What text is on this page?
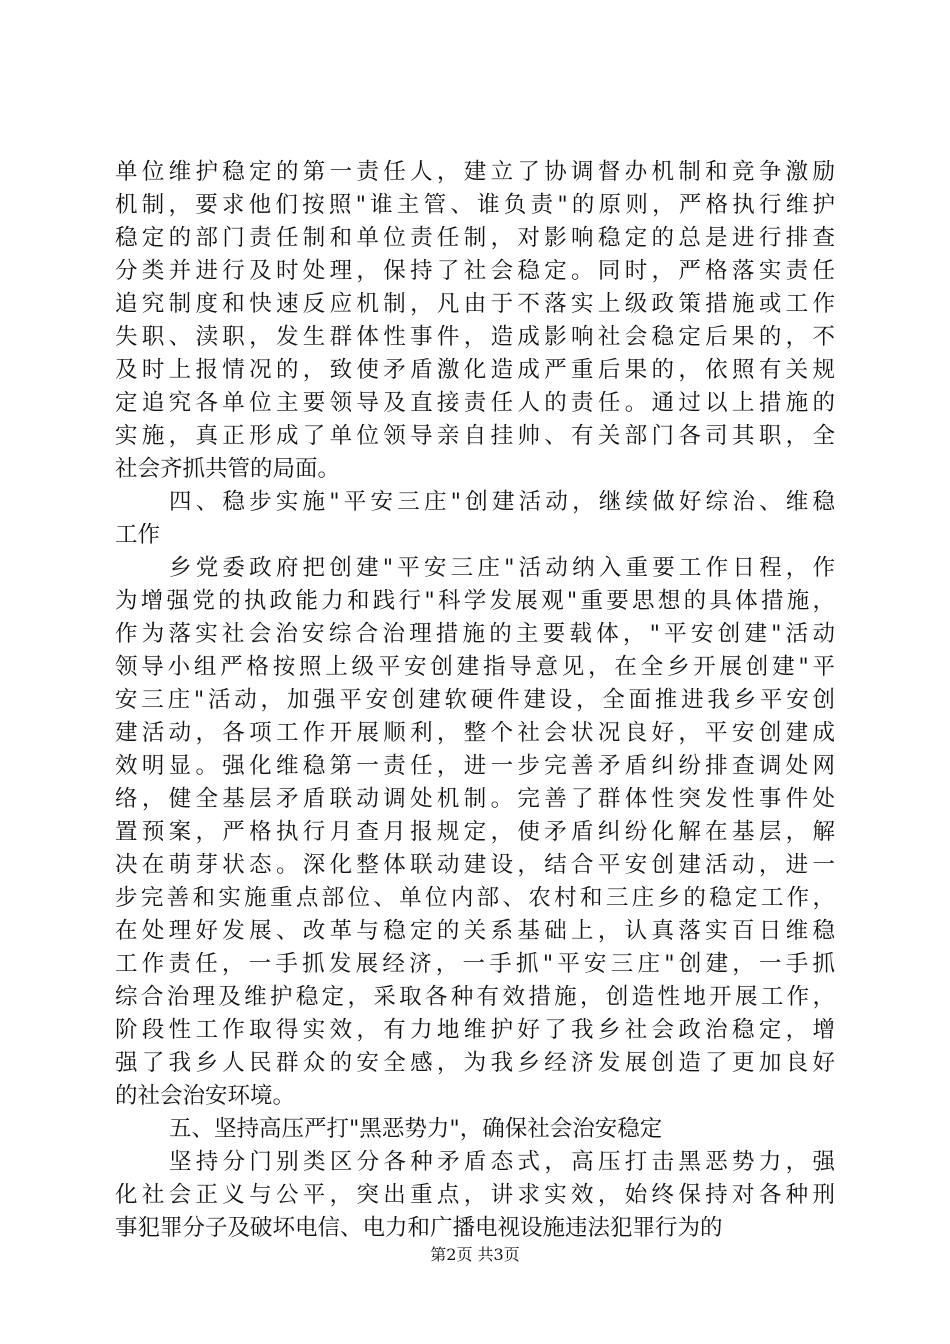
单位维护稳定的第一责任人，建立了协调督办机制和竞争激励
机制，要求他们按照"谁主管、谁负责"的原则，严格执行维护
稳定的部门责任制和单位责任制，对影响稳定的总是进行排查
分类并进行及时处理，保持了社会稳定。同时，严格落实责任
追究制度和快速反应机制，凡由于不落实上级政策措施或工作
失职、渎职，发生群体性事件，造成影响社会稳定后果的，不
及时上报情况的，致使矛盾激化造成严重后果的，依照有关规
定追究各单位主要领导及直接责任人的责任。通过以上措施的
实施，真正形成了单位领导亲自挂帅、有关部门各司其职，全
社会齐抓共管的局面。
四、稳步实施"平安三庄"创建活动，继续做好综治、维稳
工作
乡党委政府把创建"平安三庄"活动纳入重要工作日程，作
为增强党的执政能力和践行"科学发展观"重要思想的具体措施，
作为落实社会治安综合治理措施的主要载体，"平安创建"活动
领导小组严格按照上级平安创建指导意见，在全乡开展创建"平
安三庄"活动，加强平安创建软硬件建设，全面推进我乡平安创
建活动，各项工作开展顺利，整个社会状况良好，平安创建成
效明显。强化维稳第一责任，进一步完善矛盾纠纷排查调处网
络，健全基层矛盾联动调处机制。完善了群体性突发性事件处
置预案，严格执行月查月报规定，使矛盾纠纷化解在基层，解
决在萌芽状态。深化整体联动建设，结合平安创建活动，进一
步完善和实施重点部位、单位内部、农村和三庄乡的稳定工作，
在处理好发展、改革与稳定的关系基础上，认真落实百日维稳
工作责任，一手抓发展经济，一手抓"平安三庄"创建，一手抓
综合治理及维护稳定，采取各种有效措施，创造性地开展工作，
阶段性工作取得实效，有力地维护好了我乡社会政治稳定，增
强了我乡人民群众的安全感，为我乡经济发展创造了更加良好
的社会治安环境。
五、坚持高压严打"黑恶势力"，确保社会治安稳定
坚持分门别类区分各种矛盾态式，高压打击黑恶势力，强
化社会正义与公平，突出重点，讲求实效，始终保持对各种刑
事犯罪分子及破坏电信、电力和广播电视设施违法犯罪行为的
第2页 共3页
